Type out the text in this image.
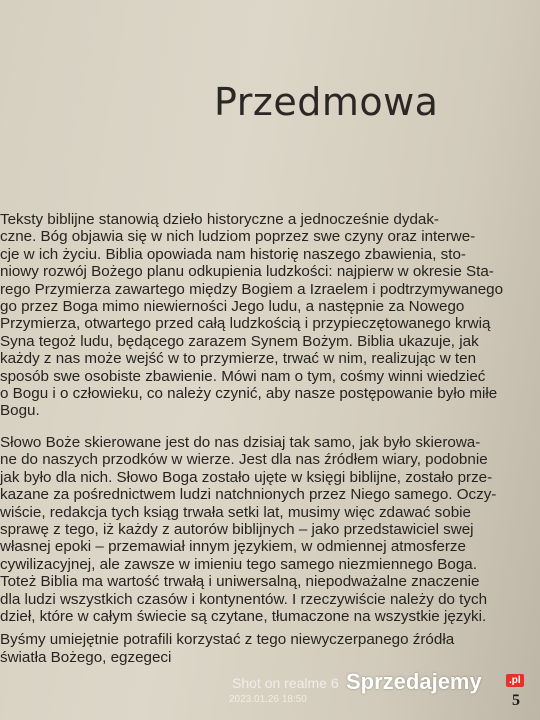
Przedmowa
Teksty biblijne stanowią dzieło historyczne a jednocześnie dydak-
czne. Bóg objawia się w nich ludziom poprzez swe czyny oraz interwe-
cje w ich życiu. Biblia opowiada nam historię naszego zbawienia, sto-
niowy rozwój Bożego planu odkupienia ludzkości: najpierw w okresie Sta-
rego Przymierza zawartego między Bogiem a Izraelem i podtrzymywanego
go przez Boga mimo niewierności Jego ludu, a następnie za Nowego
Przymierza, otwartego przed całą ludzkością i przypieczętowanego krwią
Syna tegoż ludu, będącego zarazem Synem Bożym. Biblia ukazuje, jak
każdy z nas może wejść w to przymierze, trwać w nim, realizując w ten
sposób swe osobiste zbawienie. Mówi nam o tym, cośmy winni wiedzieć
o Bogu i o człowieku, co należy czynić, aby nasze postępowanie było miłe
Bogu.
Słowo Boże skierowane jest do nas dzisiaj tak samo, jak było skierowa-
ne do naszych przodków w wierze. Jest dla nas źródłem wiary, podobnie
jak było dla nich. Słowo Boga zostało ujęte w księgi biblijne, zostało prze-
kazane za pośrednictwem ludzi natchnionych przez Niego samego. Oczy-
wiście, redakcja tych ksiąg trwała setki lat, musimy więc zdawać sobie
sprawę z tego, iż każdy z autorów biblijnych – jako przedstawiciel swej
własnej epoki – przemawiał innym językiem, w odmiennej atmosferze
cywilizacyjnej, ale zawsze w imieniu tego samego niezmiennego Boga.
Toteż Biblia ma wartość trwałą i uniwersalną, niepodważalne znaczenie
dla ludzi wszystkich czasów i kontynentów. I rzeczywiście należy do tych
dzieł, które w całym świecie są czytane, tłumaczone na wszystkie języki.
Byśmy umiejętnie potrafili korzystać z tego niewyczerpanego źródła
światła Bożego, egzegeci
Shot on realme 6
2023.01.26 18:50
Sprzedajemy	.pl
5
